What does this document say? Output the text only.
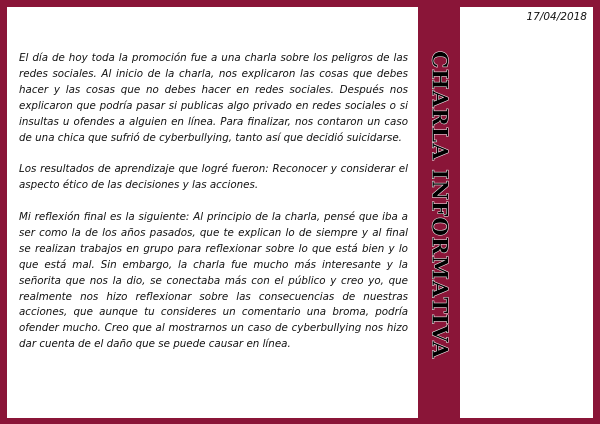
El día de hoy toda la promoción fue a una charla sobre los peligros de las redes sociales. Al inicio de la charla, nos explicaron las cosas que debes hacer y las cosas que no debes hacer en redes sociales. Después nos explicaron que podría pasar si publicas algo privado en redes sociales o si insultas u ofendes a alguien en línea. Para finalizar, nos contaron un caso de una chica que sufrió de cyberbullying, tanto así que decidió suicidarse.

Los resultados de aprendizaje que logré fueron: Reconocer y considerar el aspecto ético de las decisiones y las acciones.

Mi reflexión final es la siguiente: Al principio de la charla, pensé que iba a ser como la de los años pasados, que te explican lo de siempre y al final se realizan trabajos en grupo para reflexionar sobre lo que está bien y lo que está mal. Sin embargo, la charla fue mucho más interesante y la señorita que nos la dio, se conectaba más con el público y creo yo, que realmente nos hizo reflexionar sobre las consecuencias de nuestras acciones, que aunque tu consideres un comentario una broma, podría ofender mucho. Creo que al mostrarnos un caso de cyberbullying nos hizo dar cuenta de el daño que se puede causar en línea.	CHARLA INFORMATIVA
17/04/2018
